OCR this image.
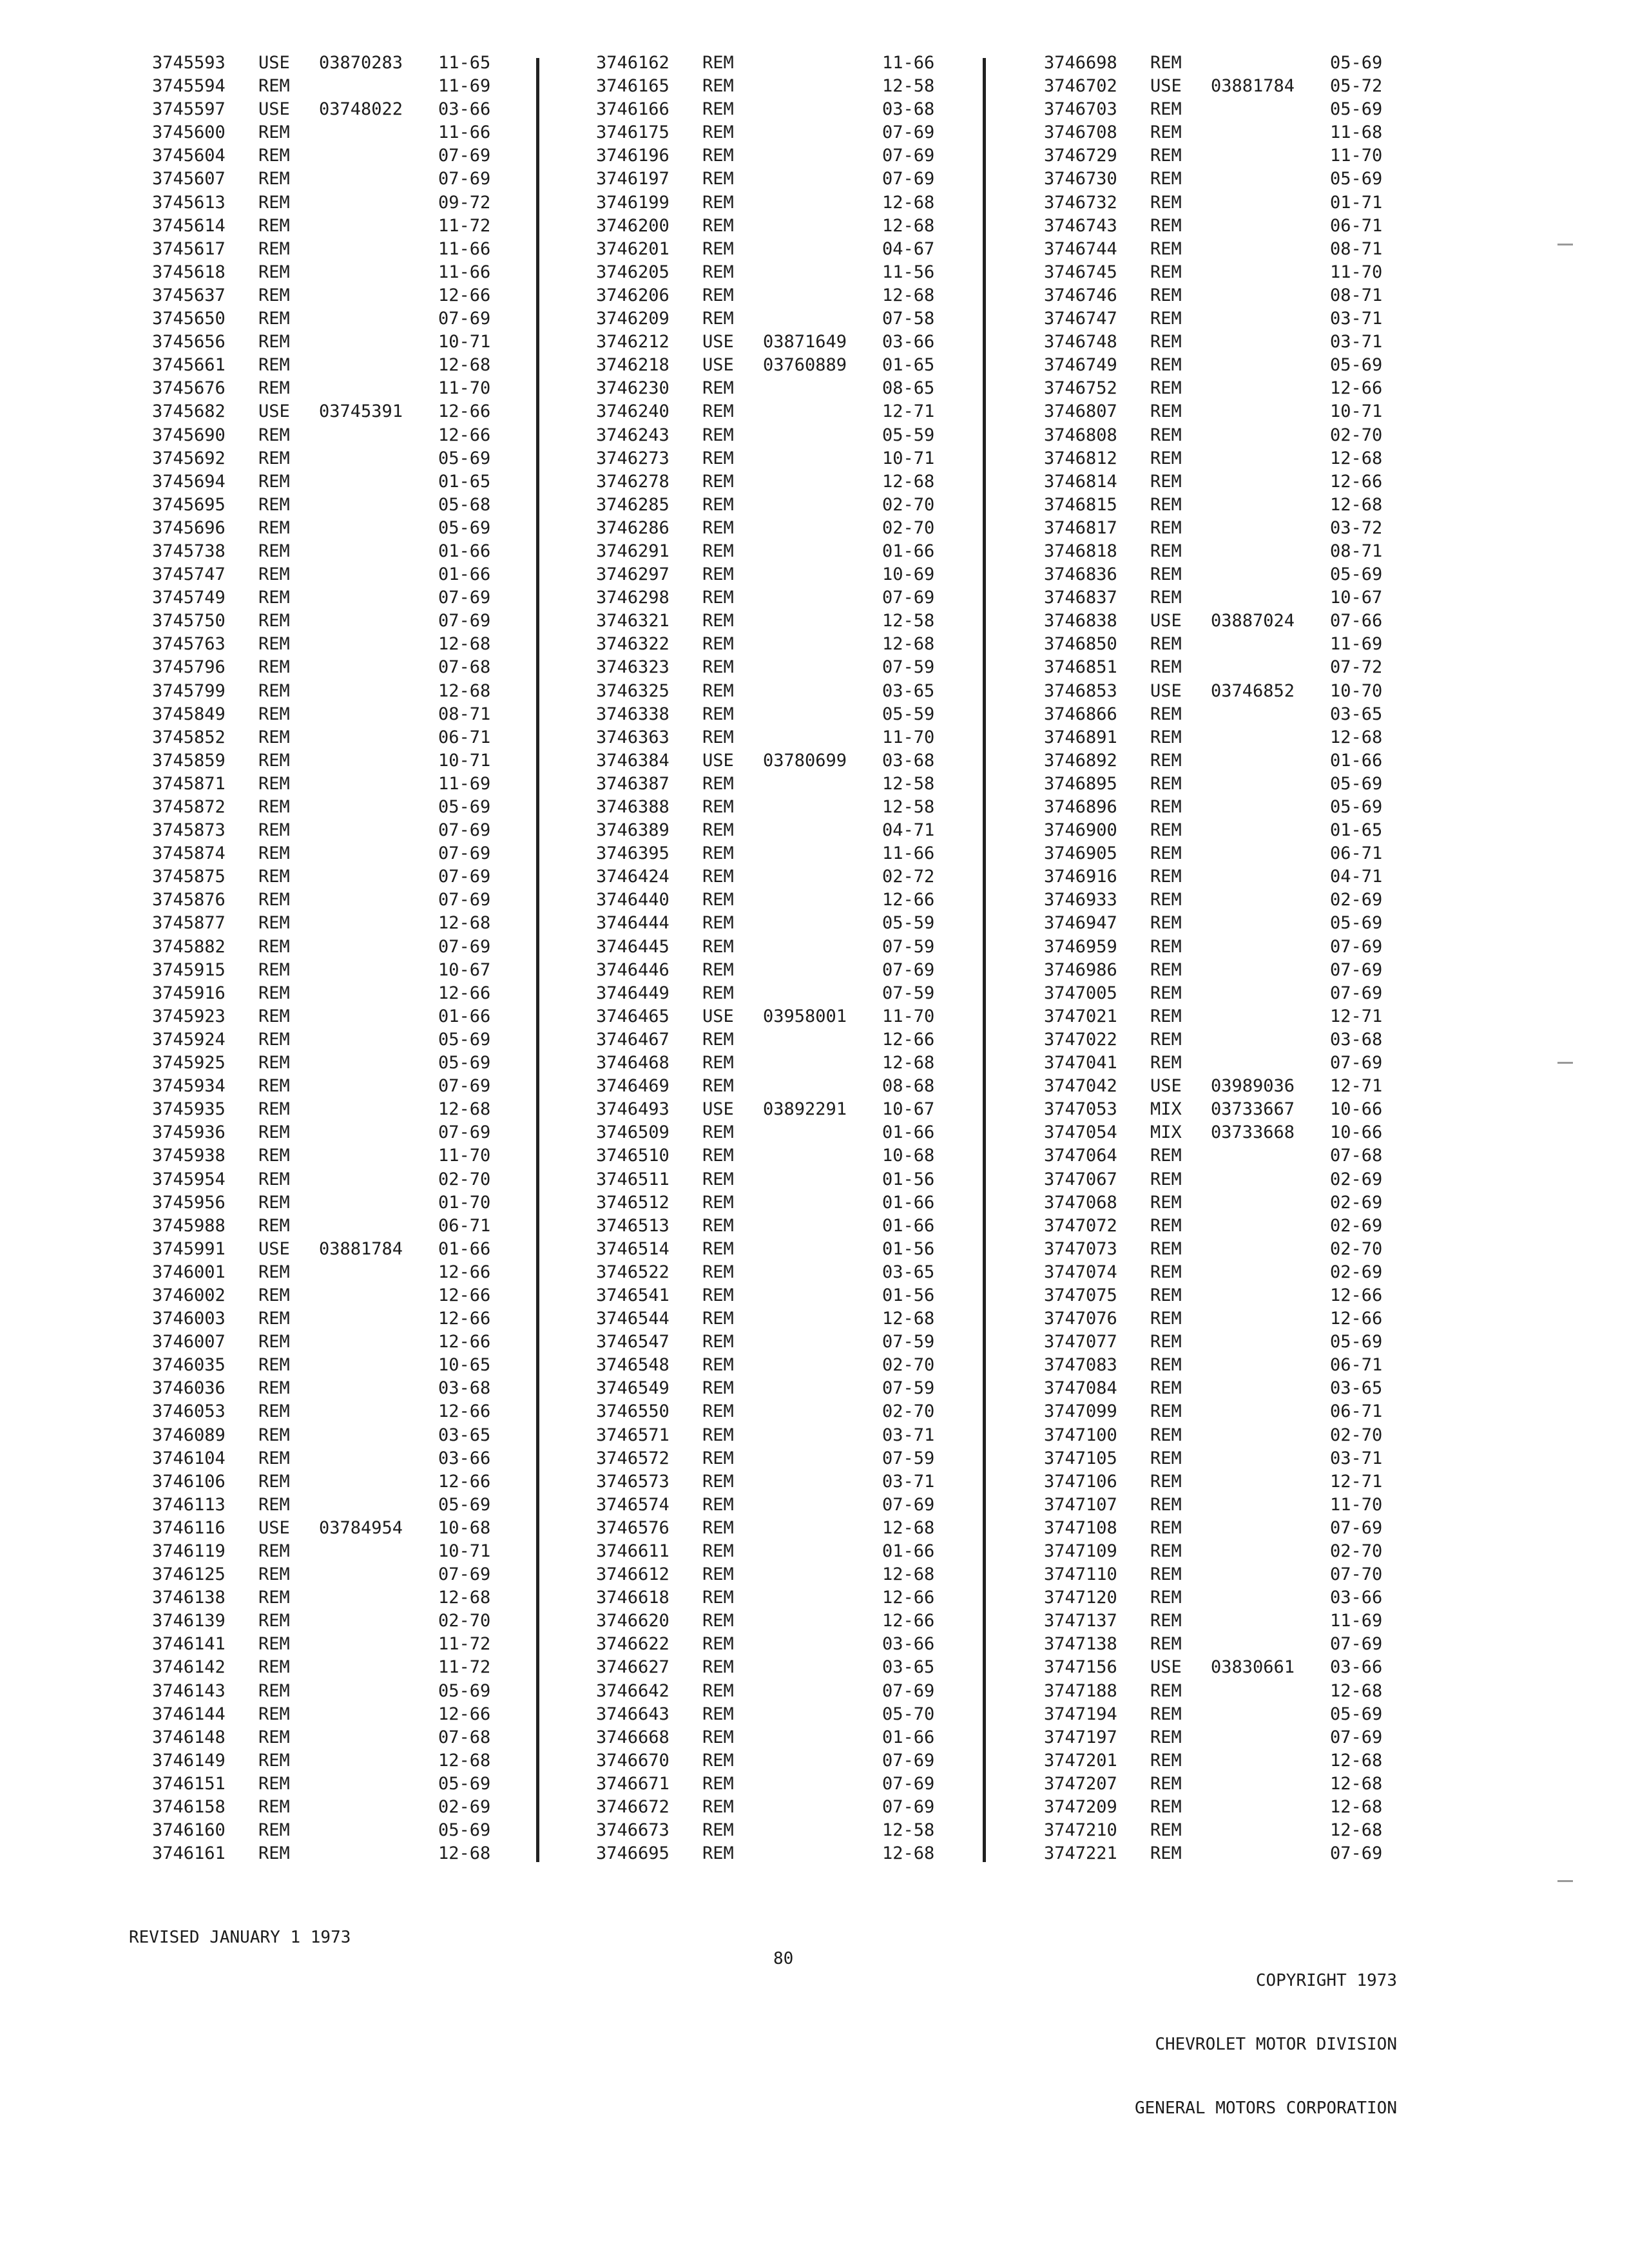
3745593 USE 03870283 11-65
3745594 REM	11-69
3745597 USE 03748022 03-66
3745600 REM	11-66
3745604 REM	07-69
3745607 REM	07-69
3745613 REM	09-72
3745614 REM	11-72
3745617 REM	11-66
3745618 REM	11-66
3745637 REM	12-66
3745650 REM	07-69
3745656 REM	10-71
3745661 REM	12-68
3745676 REM	11-70
3745682 USE 03745391 12-66
3745690 REM	12-66
3745692 REM	05-69
3745694 REM	01-65
3745695 REM	05-68
3745696 REM	05-69
3745738 REM	01-66
3745747 REM	01-66
3745749 REM	07-69
3745750 REM	07-69
3745763 REM	12-68
3745796 REM	07-68
3745799 REM	12-68
3745849 REM	08-71
3745852 REM	06-71
3745859 REM	10-71
3745871 REM	11-69
3745872 REM	05-69
3745873 REM	07-69
3745874 REM	07-69
3745875 REM	07-69
3745876 REM	07-69
3745877 REM	12-68
3745882 REM	07-69
3745915 REM	10-67
3745916 REM	12-66
3745923 REM	01-66
3745924 REM	05-69
3745925 REM	05-69
3745934 REM	07-69
3745935 REM	12-68
3745936 REM	07-69
3745938 REM	11-70
3745954 REM	02-70
3745956 REM	01-70
3745988 REM	06-71
3745991 USE 03881784 01-66
3746001 REM	12-66
3746002 REM	12-66
3746003 REM	12-66
3746007 REM	12-66
3746035 REM	10-65
3746036 REM	03-68
3746053 REM	12-66
3746089 REM	03-65
3746104 REM	03-66
3746106 REM	12-66
3746113 REM	05-69
3746116 USE 03784954 10-68
3746119 REM	10-71
3746125 REM	07-69
3746138 REM	12-68
3746139 REM	02-70
3746141 REM	11-72
3746142 REM	11-72
3746143 REM	05-69
3746144 REM	12-66
3746148 REM	07-68
3746149 REM	12-68
3746151 REM	05-69
3746158 REM	02-69
3746160 REM	05-69
3746161 REM	12-68
3746162 REM	11-66
3746165 REM	12-58
3746166 REM	03-68
3746175 REM	07-69
3746196 REM	07-69
3746197 REM	07-69
3746199 REM	12-68
3746200 REM	12-68
3746201 REM	04-67
3746205 REM	11-56
3746206 REM	12-68
3746209 REM	07-58
3746212 USE 03871649 03-66
3746218 USE 03760889 01-65
3746230 REM	08-65
3746240 REM	12-71
3746243 REM	05-59
3746273 REM	10-71
3746278 REM	12-68
3746285 REM	02-70
3746286 REM	02-70
3746291 REM	01-66
3746297 REM	10-69
3746298 REM	07-69
3746321 REM	12-58
3746322 REM	12-68
3746323 REM	07-59
3746325 REM	03-65
3746338 REM	05-59
3746363 REM	11-70
3746384 USE 03780699 03-68
3746387 REM	12-58
3746388 REM	12-58
3746389 REM	04-71
3746395 REM	11-66
3746424 REM	02-72
3746440 REM	12-66
3746444 REM	05-59
3746445 REM	07-59
3746446 REM	07-69
3746449 REM	07-59
3746465 USE 03958001 11-70
3746467 REM	12-66
3746468 REM	12-68
3746469 REM	08-68
3746493 USE 03892291 10-67
3746509 REM	01-66
3746510 REM	10-68
3746511 REM	01-56
3746512 REM	01-66
3746513 REM	01-66
3746514 REM	01-56
3746522 REM	03-65
3746541 REM	01-56
3746544 REM	12-68
3746547 REM	07-59
3746548 REM	02-70
3746549 REM	07-59
3746550 REM	02-70
3746571 REM	03-71
3746572 REM	07-59
3746573 REM	03-71
3746574 REM	07-69
3746576 REM	12-68
3746611 REM	01-66
3746612 REM	12-68
3746618 REM	12-66
3746620 REM	12-66
3746622 REM	03-66
3746627 REM	03-65
3746642 REM	07-69
3746643 REM	05-70
3746668 REM	01-66
3746670 REM	07-69
3746671 REM	07-69
3746672 REM	07-69
3746673 REM	12-58
3746695 REM	12-68
3746698 REM	05-69
3746702 USE 03881784 05-72
3746703 REM	05-69
3746708 REM	11-68
3746729 REM	11-70
3746730 REM	05-69
3746732 REM	01-71
3746743 REM	06-71
3746744 REM	08-71
3746745 REM	11-70
3746746 REM	08-71
3746747 REM	03-71
3746748 REM	03-71
3746749 REM	05-69
3746752 REM	12-66
3746807 REM	10-71
3746808 REM	02-70
3746812 REM	12-68
3746814 REM	12-66
3746815 REM	12-68
3746817 REM	03-72
3746818 REM	08-71
3746836 REM	05-69
3746837 REM	10-67
3746838 USE 03887024 07-66
3746850 REM	11-69
3746851 REM	07-72
3746853 USE 03746852 10-70
3746866 REM	03-65
3746891 REM	12-68
3746892 REM	01-66
3746895 REM	05-69
3746896 REM	05-69
3746900 REM	01-65
3746905 REM	06-71
3746916 REM	04-71
3746933 REM	02-69
3746947 REM	05-69
3746959 REM	07-69
3746986 REM	07-69
3747005 REM	07-69
3747021 REM	12-71
3747022 REM	03-68
3747041 REM	07-69
3747042 USE 03989036 12-71
3747053 MIX 03733667 10-66
3747054 MIX 03733668 10-66
3747064 REM	07-68
3747067 REM	02-69
3747068 REM	02-69
3747072 REM	02-69
3747073 REM	02-70
3747074 REM	02-69
3747075 REM	12-66
3747076 REM	12-66
3747077 REM	05-69
3747083 REM	06-71
3747084 REM	03-65
3747099 REM	06-71
3747100 REM	02-70
3747105 REM	03-71
3747106 REM	12-71
3747107 REM	11-70
3747108 REM	07-69
3747109 REM	02-70
3747110 REM	07-70
3747120 REM	03-66
3747137 REM	11-69
3747138 REM	07-69
3747156 USE 03830661 03-66
3747188 REM	12-68
3747194 REM	05-69
3747197 REM	07-69
3747201 REM	12-68
3747207 REM	12-68
3747209 REM	12-68
3747210 REM	12-68
3747221 REM	07-69
REVISED JANUARY 1 1973
80

COPYRIGHT 1973

CHEVROLET MOTOR DIVISION

GENERAL MOTORS CORPORATION
